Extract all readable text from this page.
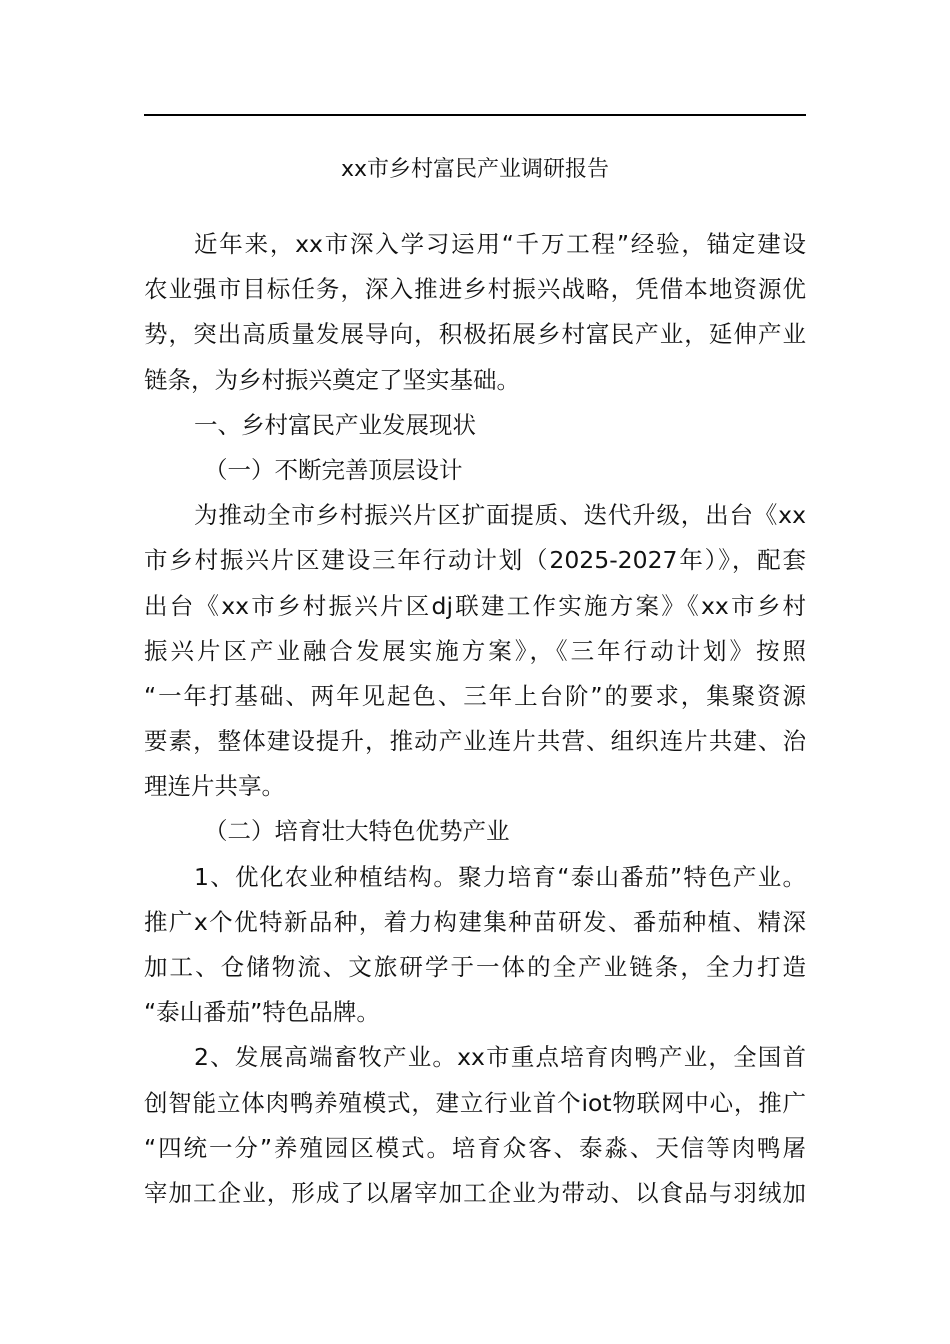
xx市乡村富民产业调研报告
近年来，xx市深入学习运用“千万工程”经验，锚定建设
农业强市目标任务，深入推进乡村振兴战略，凭借本地资源优
势，突出高质量发展导向，积极拓展乡村富民产业，延伸产业
链条，为乡村振兴奠定了坚实基础。
一、乡村富民产业发展现状
（一）不断完善顶层设计
为推动全市乡村振兴片区扩面提质、迭代升级，出台《xx
市乡村振兴片区建设三年行动计划（2025-2027年）》，配套
出台《xx市乡村振兴片区dj联建工作实施方案》《xx市乡村
振兴片区产业融合发展实施方案》，《三年行动计划》按照
“一年打基础、两年见起色、三年上台阶”的要求，集聚资源
要素，整体建设提升，推动产业连片共营、组织连片共建、治
理连片共享。
（二）培育壮大特色优势产业
1、优化农业种植结构。聚力培育“泰山番茄”特色产业。
推广x个优特新品种，着力构建集种苗研发、番茄种植、精深
加工、仓储物流、文旅研学于一体的全产业链条，全力打造
“泰山番茄”特色品牌。
2、发展高端畜牧产业。xx市重点培育肉鸭产业，全国首
创智能立体肉鸭养殖模式，建立行业首个iot物联网中心，推广
“四统一分”养殖园区模式。培育众客、泰淼、天信等肉鸭屠
宰加工企业，形成了以屠宰加工企业为带动、以食品与羽绒加
